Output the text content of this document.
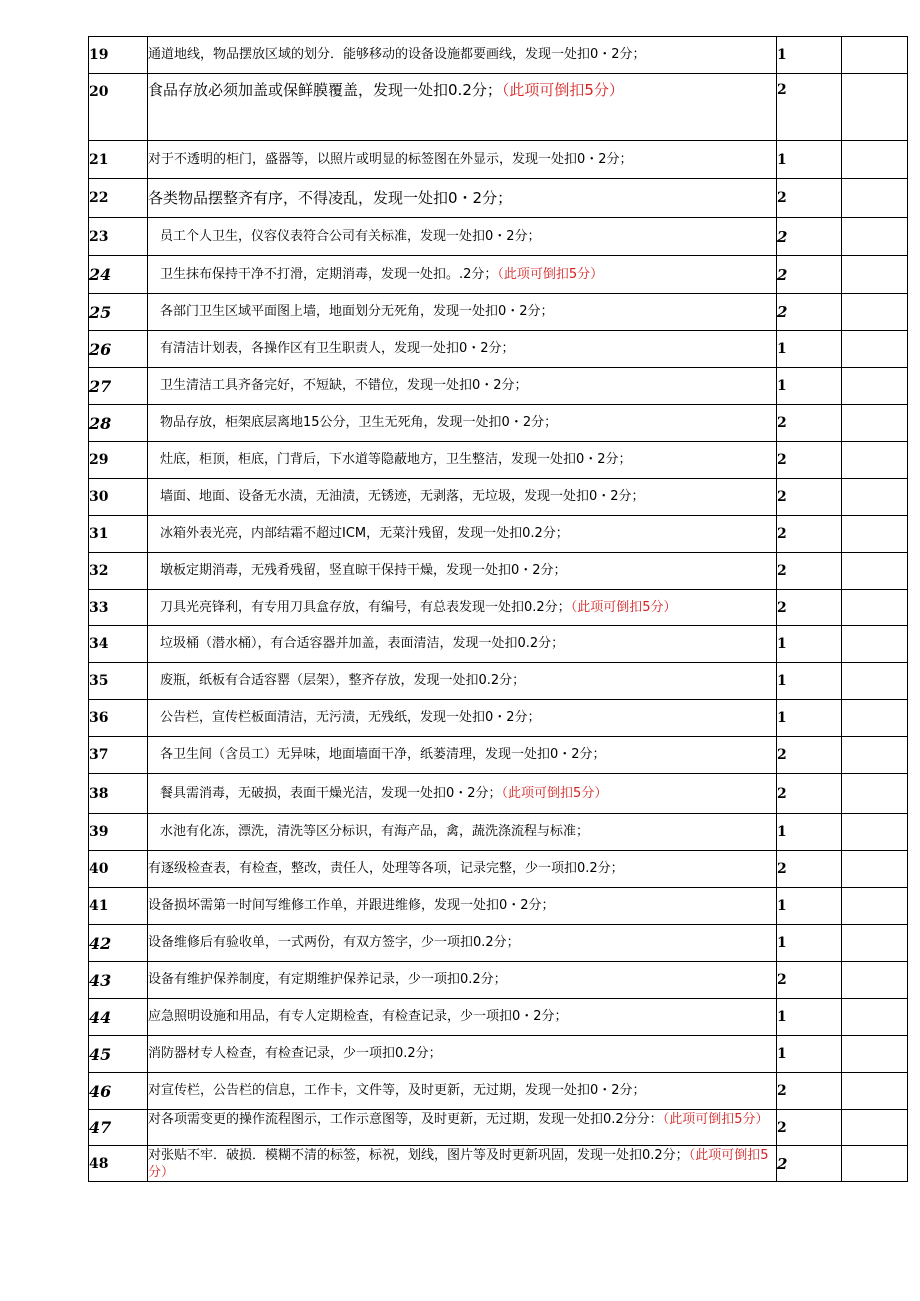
19	通道地线，物品摆放区域的划分．能够移动的设备设施都要画线，发现一处扣0・2分；	1	
20	食品存放必须加盖或保鲜膜覆盖，发现一处扣0.2分；（此项可倒扣5分）	2	
21	对于不透明的柜门，盛器等，以照片或明显的标签图在外显示，发现一处扣0・2分；	1	
22	各类物品摆整齐有序，不得凌乱，发现一处扣0・2分；	2	
23	员工个人卫生，仪容仪表符合公司有关标准，发现一处扣0・2分；	2	
24	卫生抹布保持干净不打滑，定期消毒，发现一处扣。.2分；（此项可倒扣5分）	2	
25	各部门卫生区域平面图上墙，地面划分无死角，发现一处扣0・2分；	2	
26	有清洁计划表，各操作区有卫生职责人，发现一处扣0・2分；	1	
27	卫生清洁工具齐备完好，不短缺，不错位，发现一处扣0・2分；	1	
28	物品存放，柜架底层离地15公分，卫生无死角，发现一处扣0・2分；	2	
29	灶底，柜顶，柜底，门背后，下水道等隐蔽地方，卫生整洁，发现一处扣0・2分；	2	
30	墙面、地面、设备无水渍，无油渍，无锈迹，无剥落，无垃圾，发现一处扣0・2分；	2	
31	冰箱外表光亮，内部结霜不超过ICM，无菜汁残留，发现一处扣0.2分；	2	
32	墩板定期消毒，无残肴残留，竖直晾干保持干燥，发现一处扣0・2分；	2	
33	刀具光亮锋利，有专用刀具盒存放，有编号，有总表发现一处扣0.2分；（此项可倒扣5分）	2	
34	垃圾桶（潜水桶），有合适容器并加盖，表面清洁，发现一处扣0.2分；	1	
35	废瓶，纸板有合适容罂（层架），整齐存放，发现一处扣0.2分；	1	
36	公告栏，宣传栏板面清洁，无污渍，无残纸，发现一处扣0・2分；	1	
37	各卫生间（含员工）无异味，地面墙面干净，纸蒌清理，发现一处扣0・2分；	2	
38	餐具需消毒，无破损，表面干燥光洁，发现一处扣0・2分；（此项可倒扣5分）	2	
39	水池有化冻，漂洗，清洗等区分标识，有海产品，禽，蔬洗涤流程与标准；	1	
40	有逐级检查表，有检查，整改，责任人，处理等各项，记录完整，少一项扣0.2分；	2	
41	设备损坏需第一时间写维修工作单，并跟进维修，发现一处扣0・2分；	1	
42	设备维修后有验收单，一式两份，有双方签字，少一项扣0.2分；	1	
43	设备有维护保养制度，有定期维护保养记录，少一项扣0.2分；	2	
44	应急照明设施和用品，有专人定期检查，有检查记录，少一项扣0・2分；	1	
45	消防器材专人检查，有检查记录，少一项扣0.2分；	1	
46	对宣传栏，公告栏的信息，工作卡，文件等，及时更新，无过期，发现一处扣0・2分；	2	
47	对各项需变更的操作流程图示，工作示意图等，及时更新，无过期，发现一处扣0.2分分：（此项可倒扣5分）	2	
48	对张贴不牢．破损．模糊不清的标签，标祝，划线，图片等及时更新巩固，发现一处扣0.2分；（此项可倒扣5分）	2	
